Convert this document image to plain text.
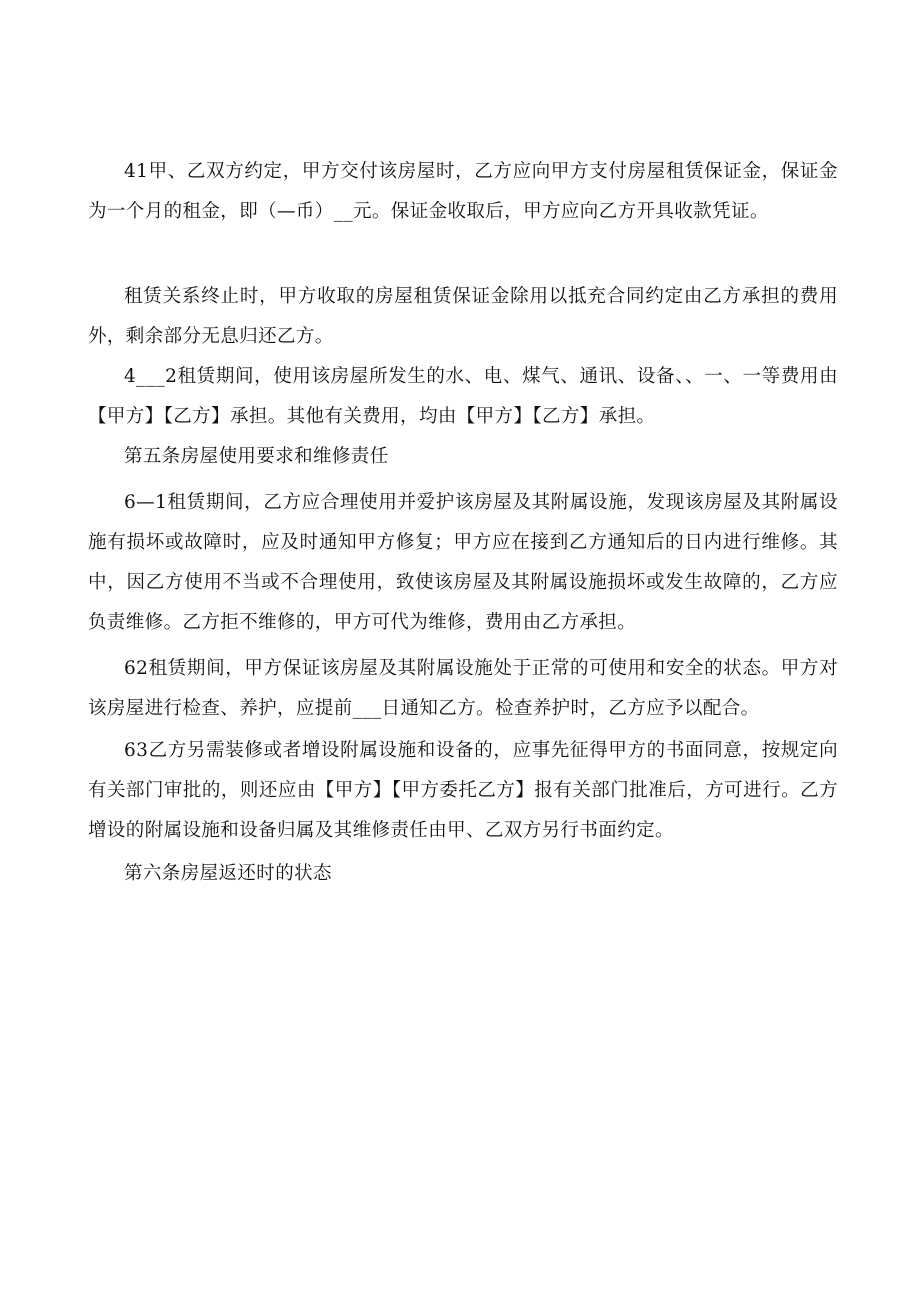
41甲、乙双方约定，甲方交付该房屋时，乙方应向甲方支付房屋租赁保证金，保证金为一个月的租金，即（—币）__元。保证金收取后，甲方应向乙方开具收款凭证。

租赁关系终止时，甲方收取的房屋租赁保证金除用以抵充合同约定由乙方承担的费用外，剩余部分无息归还乙方。

4___2租赁期间，使用该房屋所发生的水、电、煤气、通讯、设备、、一、一等费用由【甲方】【乙方】承担。其他有关费用，均由【甲方】【乙方】承担。

第五条房屋使用要求和维修责任

6—1租赁期间，乙方应合理使用并爱护该房屋及其附属设施，发现该房屋及其附属设施有损坏或故障时，应及时通知甲方修复；甲方应在接到乙方通知后的日内进行维修。其中，因乙方使用不当或不合理使用，致使该房屋及其附属设施损坏或发生故障的，乙方应负责维修。乙方拒不维修的，甲方可代为维修，费用由乙方承担。

62租赁期间，甲方保证该房屋及其附属设施处于正常的可使用和安全的状态。甲方对该房屋进行检查、养护，应提前___日通知乙方。检查养护时，乙方应予以配合。

63乙方另需装修或者增设附属设施和设备的，应事先征得甲方的书面同意，按规定向有关部门审批的，则还应由【甲方】【甲方委托乙方】报有关部门批准后，方可进行。乙方增设的附属设施和设备归属及其维修责任由甲、乙双方另行书面约定。

第六条房屋返还时的状态
